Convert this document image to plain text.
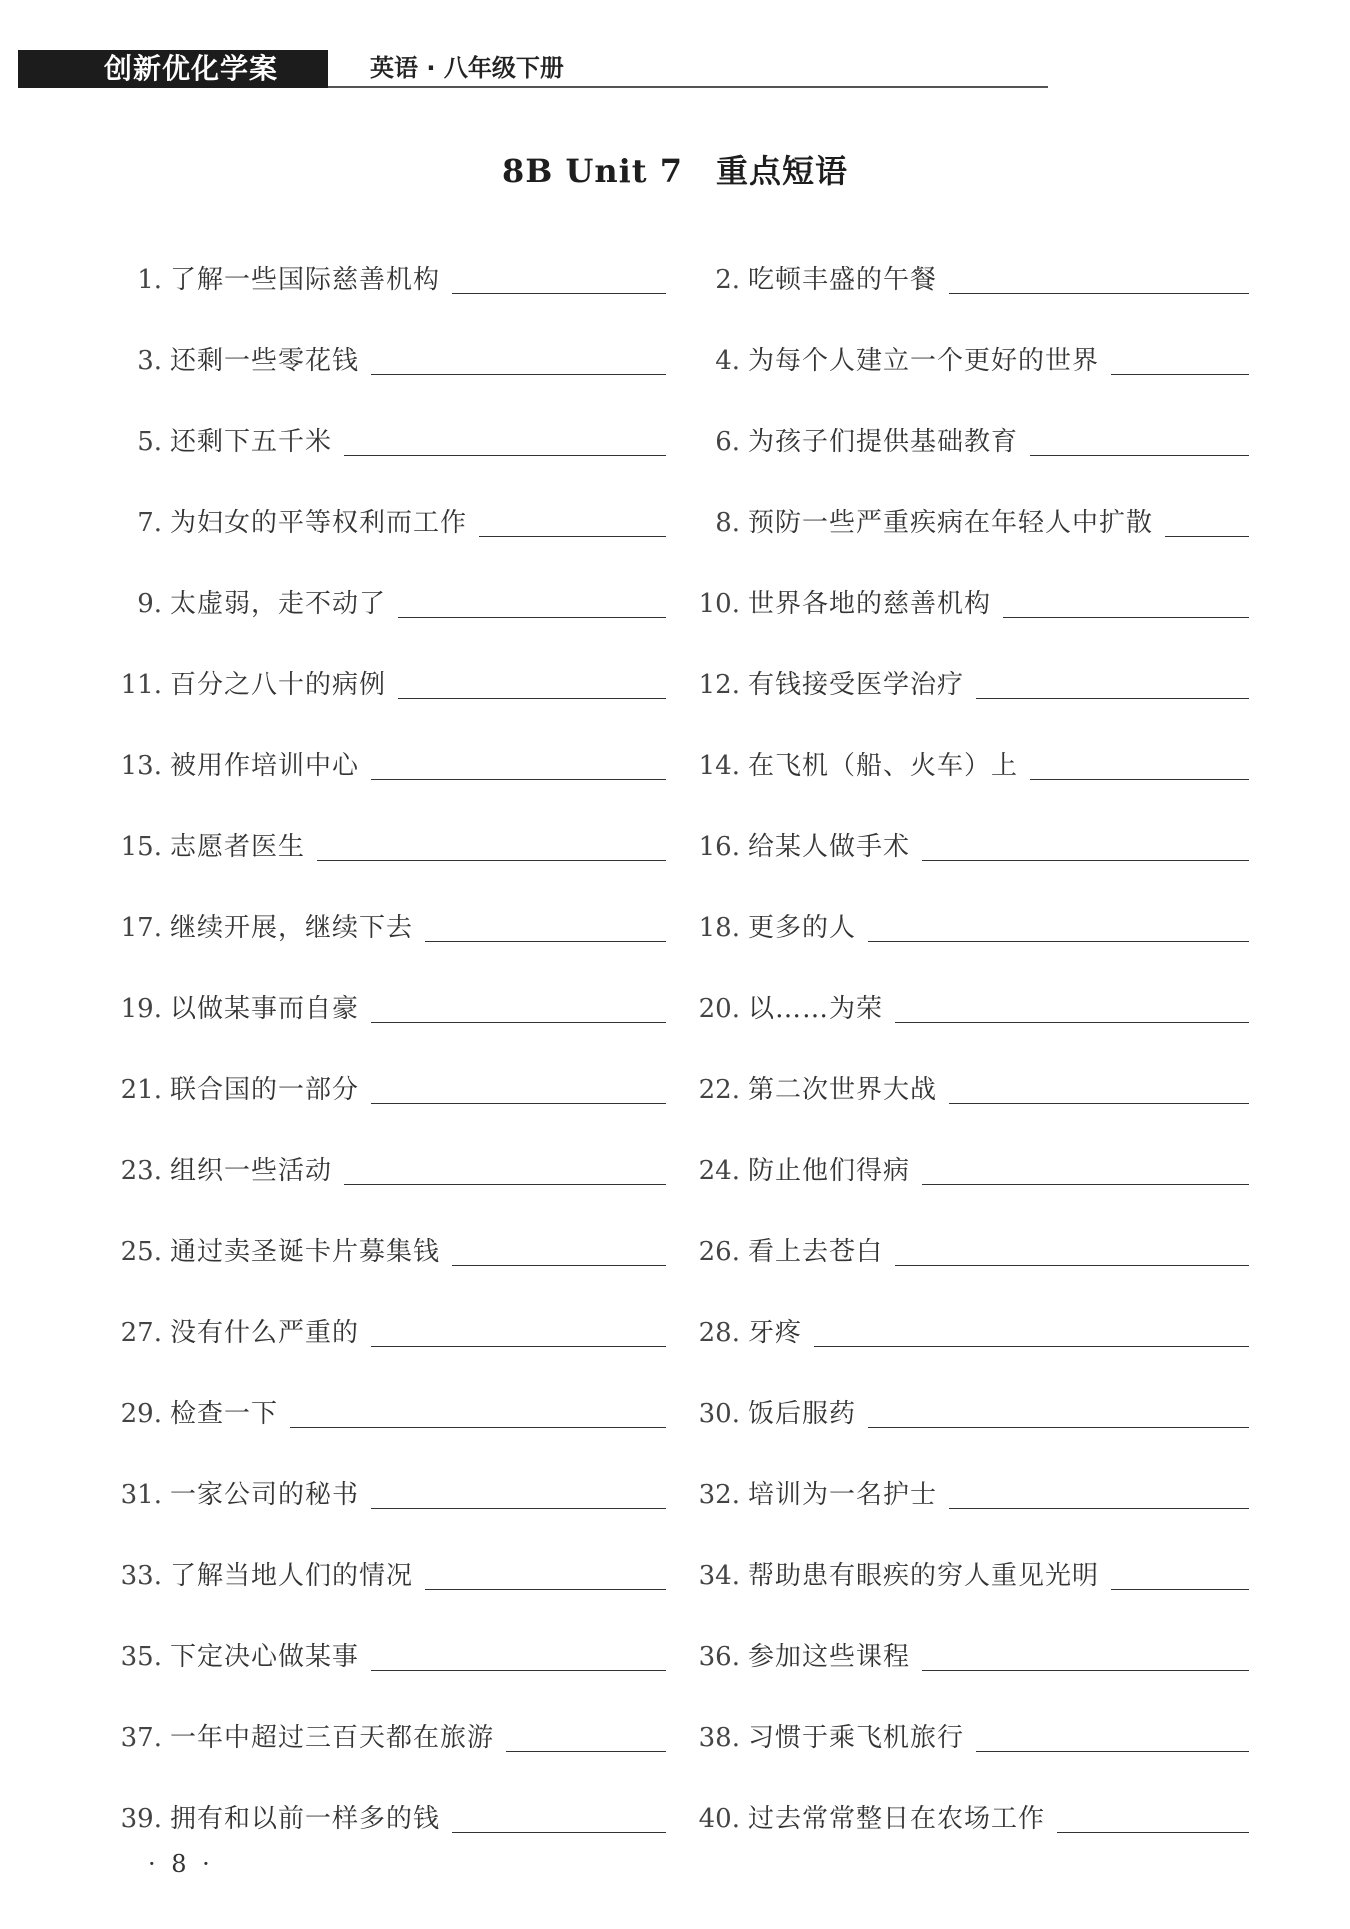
创新优化学案	英语 · 八年级下册
8B Unit 7　重点短语
1. 了解一些国际慈善机构	2. 吃顿丰盛的午餐
3. 还剩一些零花钱	4. 为每个人建立一个更好的世界
5. 还剩下五千米	6. 为孩子们提供基础教育
7. 为妇女的平等权利而工作	8. 预防一些严重疾病在年轻人中扩散
9. 太虚弱，走不动了	10. 世界各地的慈善机构
11. 百分之八十的病例	12. 有钱接受医学治疗
13. 被用作培训中心	14. 在飞机（船、火车）上
15. 志愿者医生	16. 给某人做手术
17. 继续开展，继续下去	18. 更多的人
19. 以做某事而自豪	20. 以……为荣
21. 联合国的一部分	22. 第二次世界大战
23. 组织一些活动	24. 防止他们得病
25. 通过卖圣诞卡片募集钱	26. 看上去苍白
27. 没有什么严重的	28. 牙疼
29. 检查一下	30. 饭后服药
31. 一家公司的秘书	32. 培训为一名护士
33. 了解当地人们的情况	34. 帮助患有眼疾的穷人重见光明
35. 下定决心做某事	36. 参加这些课程
37. 一年中超过三百天都在旅游	38. 习惯于乘飞机旅行
39. 拥有和以前一样多的钱	40. 过去常常整日在农场工作
· 8 ·
